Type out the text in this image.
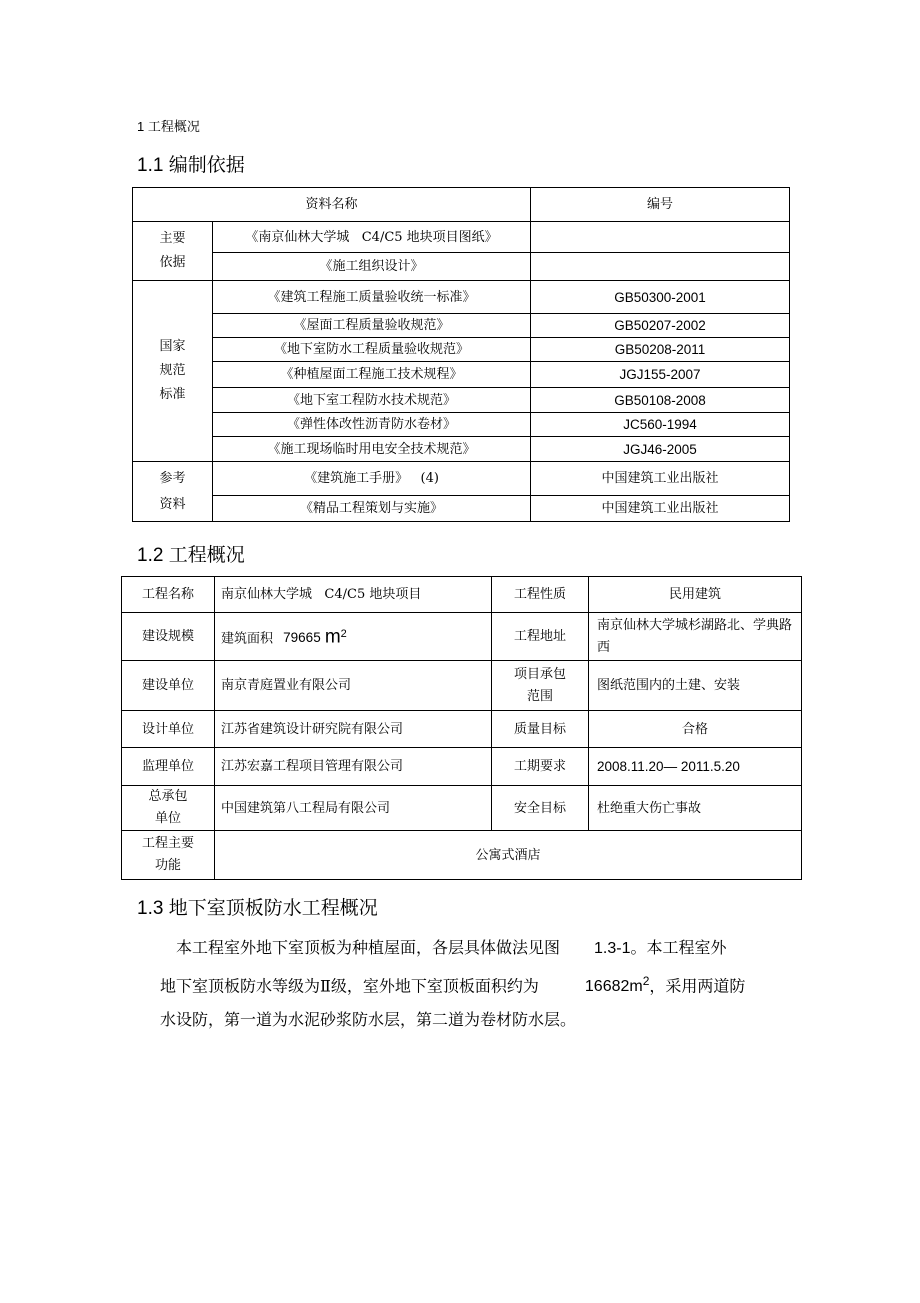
1 工程概况
1.1 编制依据
资料名称		编号
主要
依据	《南京仙林大学城   C4/C5 地块项目图纸》	
	《施工组织设计》	
国家
规范
标准	《建筑工程施工质量验收统一标准》	GB50300-2001
	《屋面工程质量验收规范》	GB50207-2002
	《地下室防水工程质量验收规范》	GB50208-2011
	《种植屋面工程施工技术规程》	JGJ155-2007
	《地下室工程防水技术规范》	GB50108-2008
	《弹性体改性沥青防水卷材》	JC560-1994
	《施工现场临时用电安全技术规范》	JGJ46-2005
参考
资料	《建筑施工手册》   (4)	中国建筑工业出版社
	《精品工程策划与实施》	中国建筑工业出版社
1.2 工程概况
工程名称	南京仙林大学城   C4/C5 地块项目	工程性质	民用建筑
建设规模	建筑面积 79665 $m^2$	工程地址	南京仙林大学城杉湖路北、学典路西
建设单位	南京青庭置业有限公司	项目承包范围	图纸范围内的土建、安装
设计单位	江苏省建筑设计研究院有限公司	质量目标	合格
监理单位	江苏宏嘉工程项目管理有限公司	工期要求	2008.11.20— 2011.5.20
总承包单位	中国建筑第八工程局有限公司	安全目标	杜绝重大伤亡事故
工程主要功能	公寓式酒店		
1.3 地下室顶板防水工程概况

本工程室外地下室顶板为种植屋面，各层具体做法见图 1.3-1。本工程室外

地下室顶板防水等级为Ⅱ级，室外地下室顶板面积约为	$16682m^2$，采用两道防

水设防，第一道为水泥砂浆防水层，第二道为卷材防水层。
